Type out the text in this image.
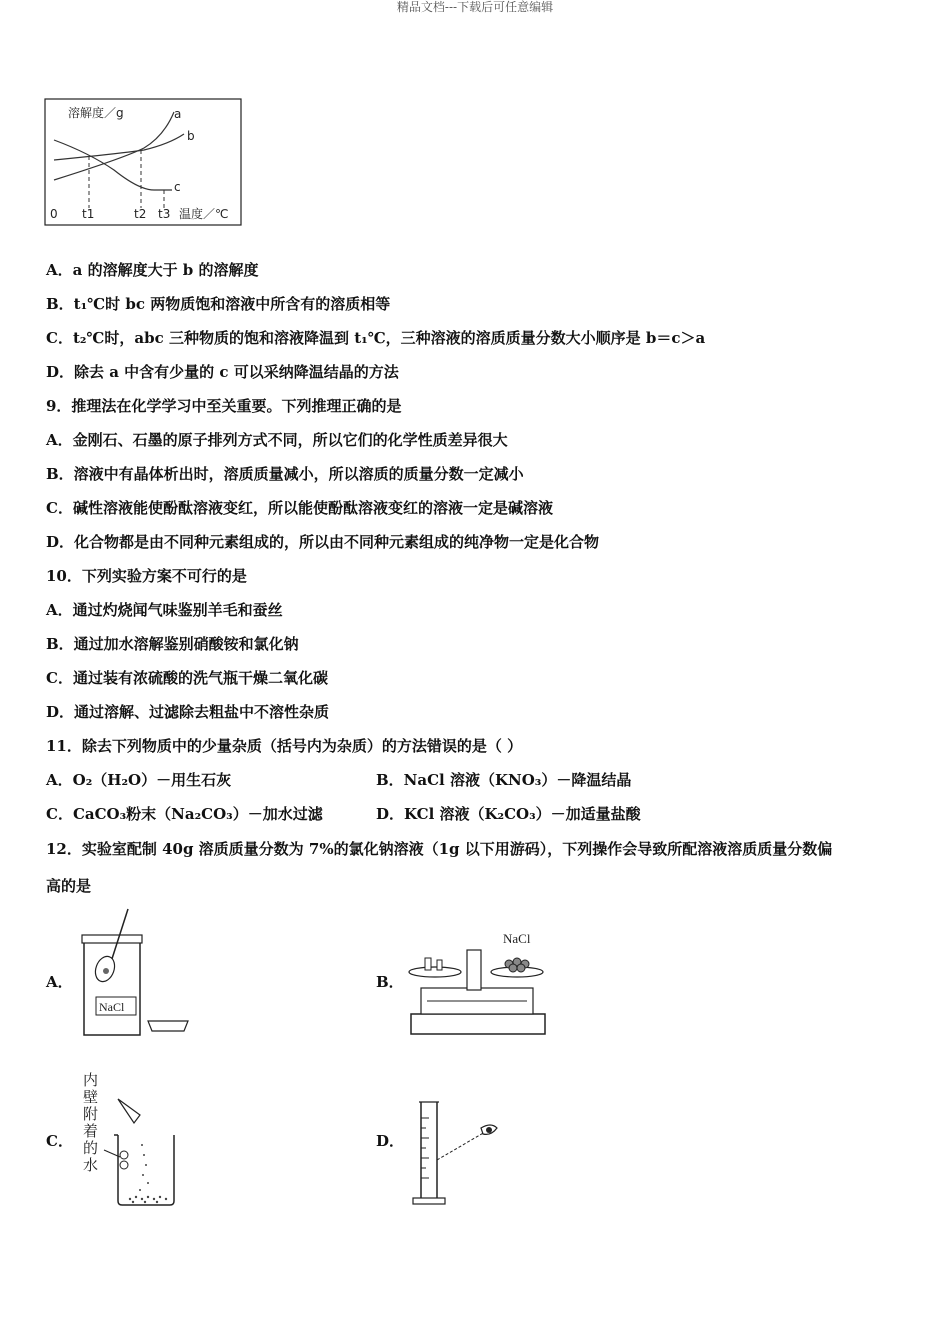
精品文档---下载后可任意编辑
溶解度／g
温度／℃
0 t1	t2 t3
a
b
c
A．a 的溶解度大于 b 的溶解度
B．t₁℃时 bc 两物质饱和溶液中所含有的溶质相等
C．t₂℃时，abc 三种物质的饱和溶液降温到 t₁℃，三种溶液的溶质质量分数大小顺序是 b＝c＞a
D．除去 a 中含有少量的 c 可以采纳降温结晶的方法
9．推理法在化学学习中至关重要。下列推理正确的是
A．金刚石、石墨的原子排列方式不同，所以它们的化学性质差异很大
B．溶液中有晶体析出时，溶质质量减小，所以溶质的质量分数一定减小
C．碱性溶液能使酚酞溶液变红，所以能使酚酞溶液变红的溶液一定是碱溶液
D．化合物都是由不同种元素组成的，所以由不同种元素组成的纯净物一定是化合物
10．下列实验方案不可行的是
A．通过灼烧闻气味鉴别羊毛和蚕丝
B．通过加水溶解鉴别硝酸铵和氯化钠
C．通过装有浓硫酸的洗气瓶干燥二氧化碳
D．通过溶解、过滤除去粗盐中不溶性杂质
11．除去下列物质中的少量杂质（括号内为杂质）的方法错误的是（ ）
A．O₂（H₂O）－用生石灰	B．NaCl 溶液（KNO₃）－降温结晶
C．CaCO₃粉末（Na₂CO₃）－加水过滤	D．KCl 溶液（K₂CO₃）－加适量盐酸
12．实验室配制 40g 溶质质量分数为 7%的氯化钠溶液（1g 以下用游码），下列操作会导致所配溶液溶质质量分数偏
高的是
A．	B．
C．	D．
NaCl
NaCl
内壁附着的水
